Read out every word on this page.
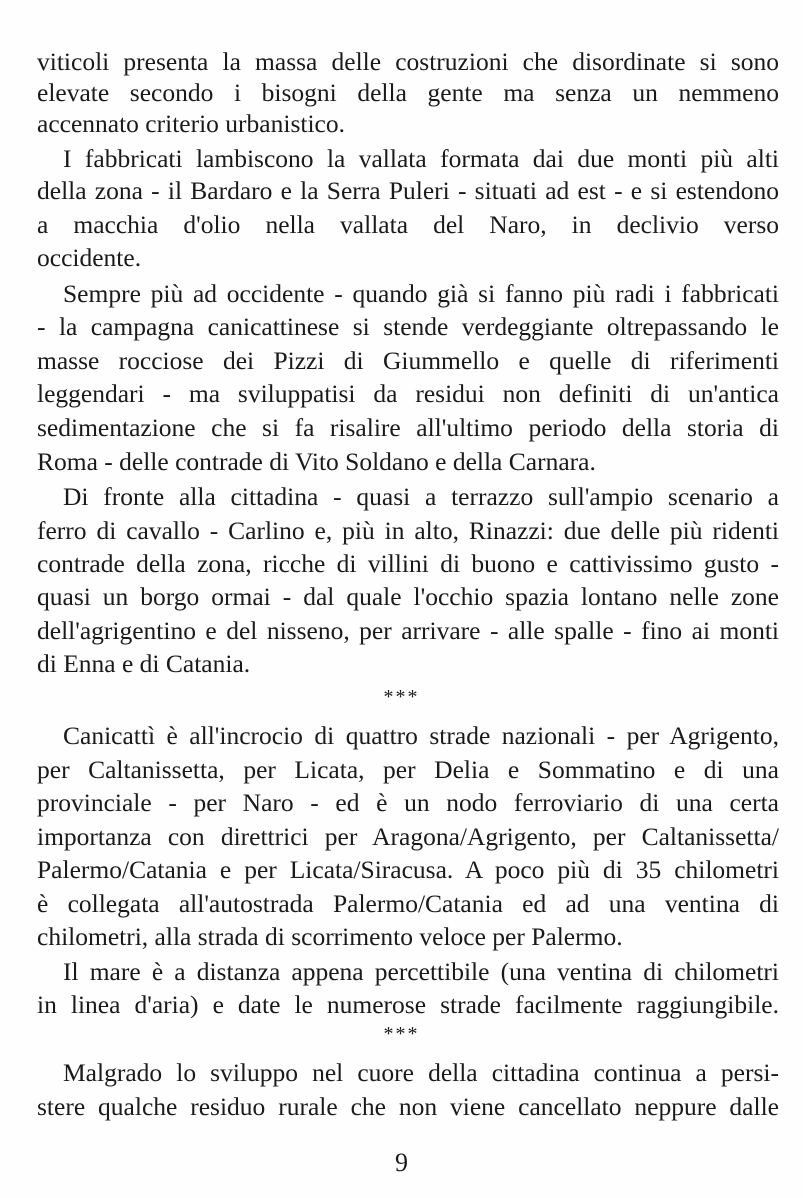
viticoli presenta la massa delle costruzioni che disordinate si sono
elevate secondo i bisogni della gente ma senza un nemmeno
accennato criterio urbanistico.
I fabbricati lambiscono la vallata formata dai due monti più alti
della zona - il Bardaro e la Serra Puleri - situati ad est - e si estendono
a macchia d'olio nella vallata del Naro, in declivio verso
occidente.
Sempre più ad occidente - quando già si fanno più radi i fabbricati
- la campagna canicattinese si stende verdeggiante oltrepassando le
masse rocciose dei Pizzi di Giummello e quelle di riferimenti
leggendari - ma sviluppatisi da residui non definiti di un'antica
sedimentazione che si fa risalire all'ultimo periodo della storia di
Roma - delle contrade di Vito Soldano e della Carnara.
Di fronte alla cittadina - quasi a terrazzo sull'ampio scenario a
ferro di cavallo - Carlino e, più in alto, Rinazzi: due delle più ridenti
contrade della zona, ricche di villini di buono e cattivissimo gusto -
quasi un borgo ormai - dal quale l'occhio spazia lontano nelle zone
dell'agrigentino e del nisseno, per arrivare - alle spalle - fino ai monti
di Enna e di Catania.
***
Canicattì è all'incrocio di quattro strade nazionali - per Agrigento,
per Caltanissetta, per Licata, per Delia e Sommatino e di una
provinciale - per Naro - ed è un nodo ferroviario di una certa
importanza con direttrici per Aragona/Agrigento, per Caltanissetta/
Palermo/Catania e per Licata/Siracusa. A poco più di 35 chilometri
è collegata all'autostrada Palermo/Catania ed ad una ventina di
chilometri, alla strada di scorrimento veloce per Palermo.
Il mare è a distanza appena percettibile (una ventina di chilometri
in linea d'aria) e date le numerose strade facilmente raggiungibile.
***
Malgrado lo sviluppo nel cuore della cittadina continua a persi-
stere qualche residuo rurale che non viene cancellato neppure dalle
9
